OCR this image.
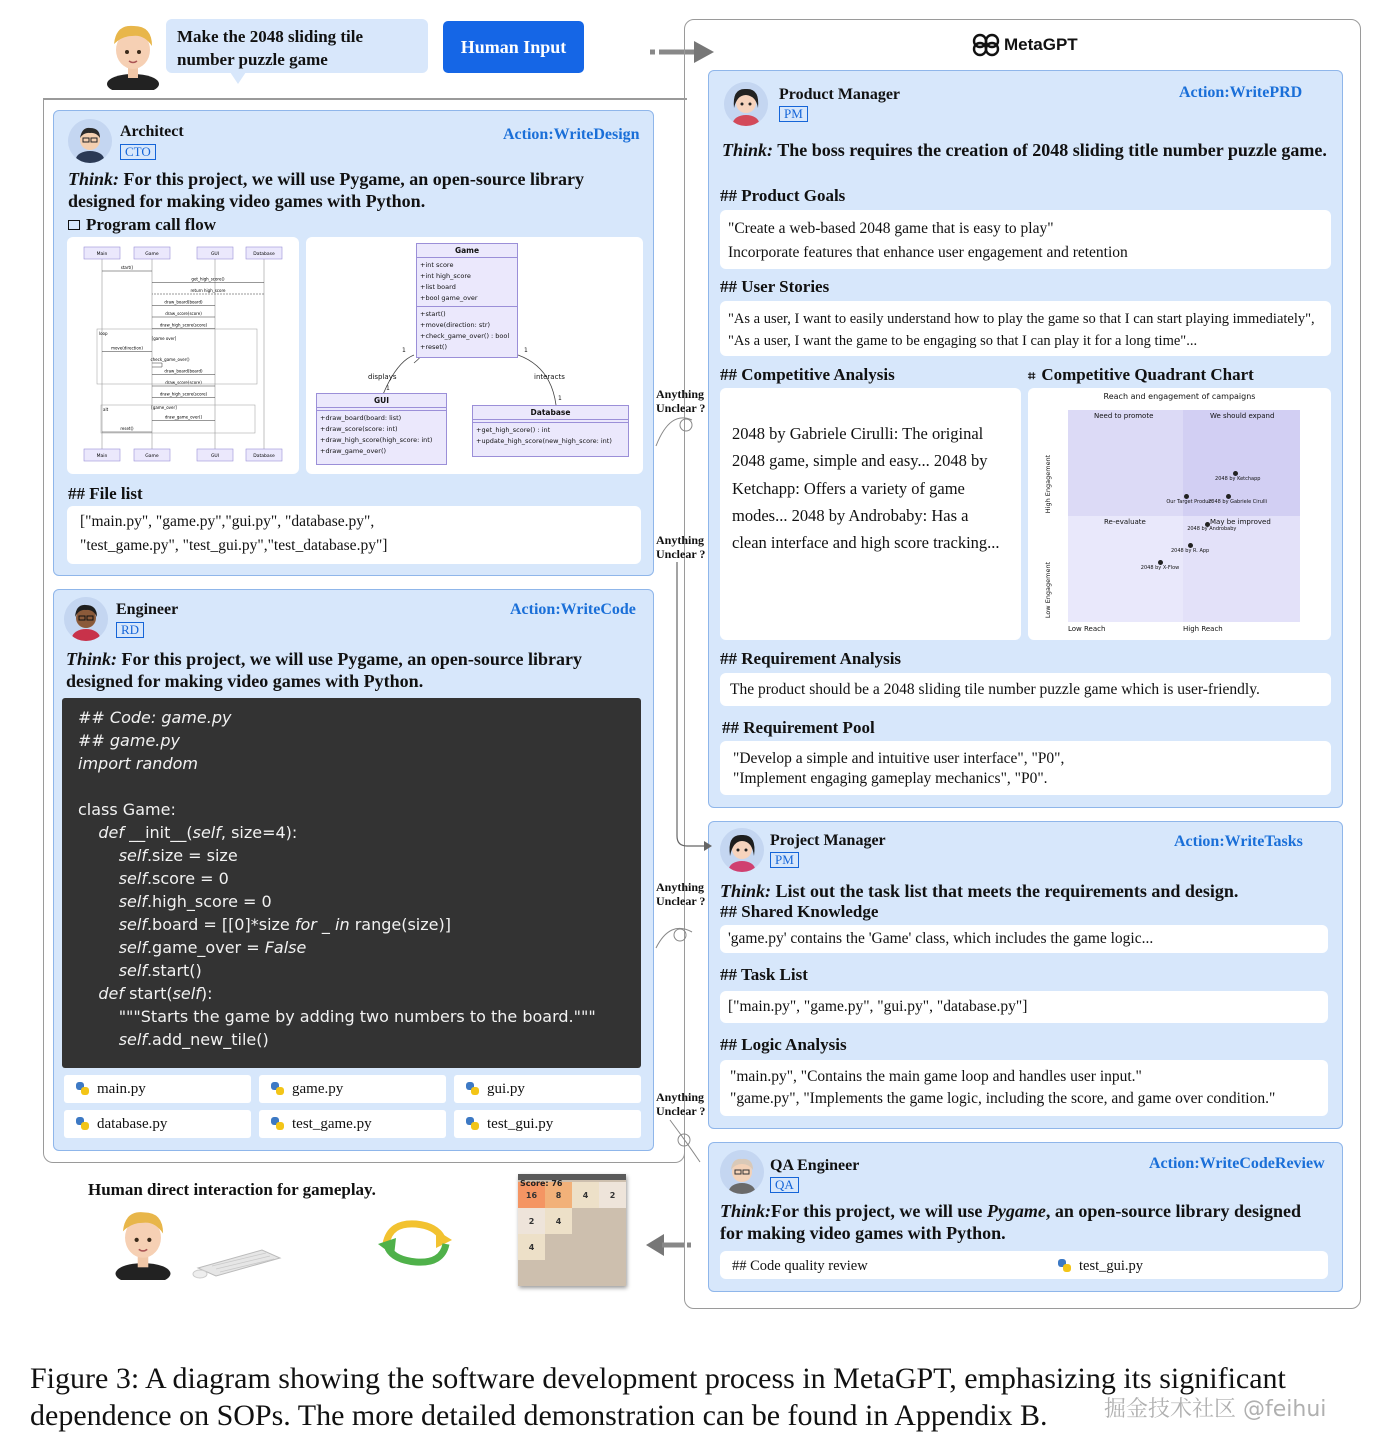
Make the 2048 sliding tile number puzzle game
Human Input	MetaGPT
Architect
CTO
Action:WriteDesign
Think: For this project, we will use Pygame, an open-source library designed for making video games with Python.
Program call flow
Main
Main
Game
Game
GUI
GUI
Database
Database
start()
get_high_score()
return high_score
draw_board(board)
draw_score(score)
draw_high_score(score)
[game over]
move(direction)
check_game_over()
draw_board(board)
draw_score(score)
draw_high_score(score)
[game_over]
draw_game_over()
reset()
loop
alt
Game
+int score
+int high_score
+list board
+bool game_over
+start()
+move(direction: str)
+check_game_over() : bool
+reset()
GUI
+draw_board(board: list)
+draw_score(score: int)
+draw_high_score(high_score: int)
+draw_game_over()
Database
+get_high_score() : int
+update_high_score(new_high_score: int)
displays	interacts
1	1
1
1
## File list
["main.py", "game.py","gui.py", "database.py",
"test_game.py", "test_gui.py","test_database.py"]
Engineer
RD
Action:WriteCode
Think: For this project, we will use Pygame, an open-source library designed for making video games with Python.
## Code: game.py
## game.py
import random

class Game:
def __init__(self, size=4):
self.size = size
self.score = 0
self.high_score = 0
self.board = [[0]*size for _ in range(size)]
self.game_over = False
self.start()
def start(self):
"""Starts the game by adding two numbers to the board."""
self.add_new_tile()
main.py	game.py	gui.py
database.py	test_game.py	test_gui.py
Product Manager
PM
Action:WritePRD
Think: The boss requires the creation of 2048 sliding title number puzzle game.
## Product Goals
"Create a web-based 2048 game that is easy to play"
Incorporate features that enhance user engagement and retention
## User Stories
"As a user, I want to easily understand how to play the game so that I can start playing immediately",
"As a user, I want the game to be engaging so that I can play it for a long time"...
## Competitive Analysis	⌗ Competitive Quadrant Chart
2048 by Gabriele Cirulli: The original 2048 game, simple and easy... 2048 by Ketchapp: Offers a variety of game modes... 2048 by Androbaby: Has a clean interface and high score tracking...
Reach and engagement of campaigns
Need to promote	We should expand
Re-evaluate	May be improved
Low Reach	High Reach
High Engagement
Low Engagement
2048 by Ketchapp
Our Target Product
2048 by Gabriele Cirulli
2048 by Androbaby
2048 by R. App
2048 by X-Flow
## Requirement Analysis
The product should be a 2048 sliding tile number puzzle game which is user-friendly.
## Requirement Pool
"Develop a simple and intuitive user interface", "P0",
"Implement engaging gameplay mechanics", "P0".
Project Manager
PM
Action:WriteTasks
Think: List out the task list that meets the requirements and design.
## Shared Knowledge
'game.py' contains the 'Game' class, which includes the game logic...
## Task List
["main.py", "game.py", "gui.py", "database.py"]
## Logic Analysis
"main.py", "Contains the main game loop and handles user input."
"game.py", "Implements the game logic, including the score, and game over condition."
QA Engineer
QA
Action:WriteCodeReview
Think:For this project, we will use Pygame, an open-source library designed for making video games with Python.
## Code quality review	test_gui.py
Anything
Unclear ?
Anything
Unclear ?
Anything
Unclear ?
Anything
Unclear ?
Human direct interaction for gameplay.	16	8	4	2
2	4
4
Score: 76
Figure 3: A diagram showing the software development process in MetaGPT, emphasizing its significant dependence on SOPs. The more detailed demonstration can be found in Appendix B.	掘金技术社区 @feihui
